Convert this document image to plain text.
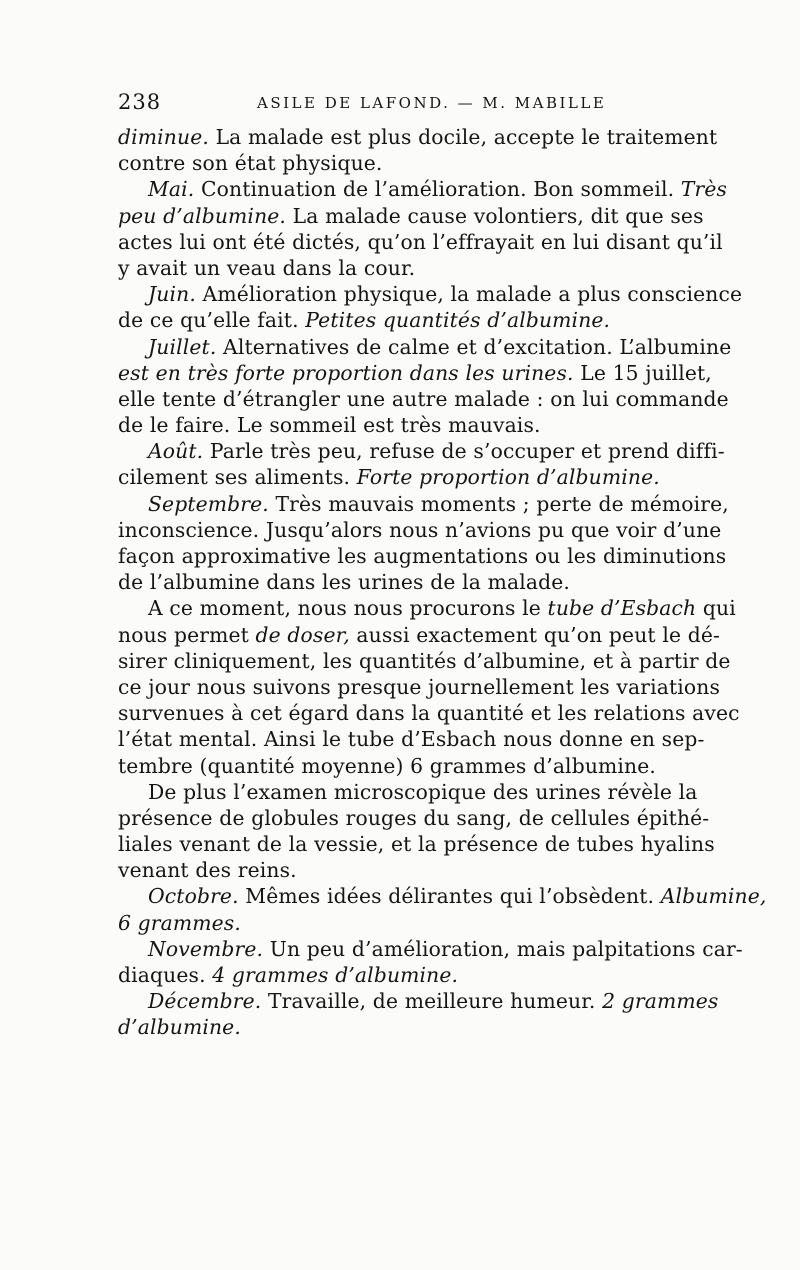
238	ASILE DE LAFOND. — M. MABILLE
diminue. La malade est plus docile, accepte le traitement
contre son état physique.
Mai. Continuation de l’amélioration. Bon sommeil. Très
peu d’albumine. La malade cause volontiers, dit que ses
actes lui ont été dictés, qu’on l’effrayait en lui disant qu’il
y avait un veau dans la cour.
Juin. Amélioration physique, la malade a plus conscience
de ce qu’elle fait. Petites quantités d’albumine.
Juillet. Alternatives de calme et d’excitation. L’albumine
est en très forte proportion dans les urines. Le 15 juillet,
elle tente d’étrangler une autre malade : on lui commande
de le faire. Le sommeil est très mauvais.
Août. Parle très peu, refuse de s’occuper et prend diffi-
cilement ses aliments. Forte proportion d’albumine.
Septembre. Très mauvais moments ; perte de mémoire,
inconscience. Jusqu’alors nous n’avions pu que voir d’une
façon approximative les augmentations ou les diminutions
de l’albumine dans les urines de la malade.
A ce moment, nous nous procurons le tube d’Esbach qui
nous permet de doser, aussi exactement qu’on peut le dé-
sirer cliniquement, les quantités d’albumine, et à partir de
ce jour nous suivons presque journellement les variations
survenues à cet égard dans la quantité et les relations avec
l’état mental. Ainsi le tube d’Esbach nous donne en sep-
tembre (quantité moyenne) 6 grammes d’albumine.
De plus l’examen microscopique des urines révèle la
présence de globules rouges du sang, de cellules épithé-
liales venant de la vessie, et la présence de tubes hyalins
venant des reins.
Octobre. Mêmes idées délirantes qui l’obsèdent. Albumine,
6 grammes.
Novembre. Un peu d’amélioration, mais palpitations car-
diaques. 4 grammes d’albumine.
Décembre. Travaille, de meilleure humeur. 2 grammes
d’albumine.
